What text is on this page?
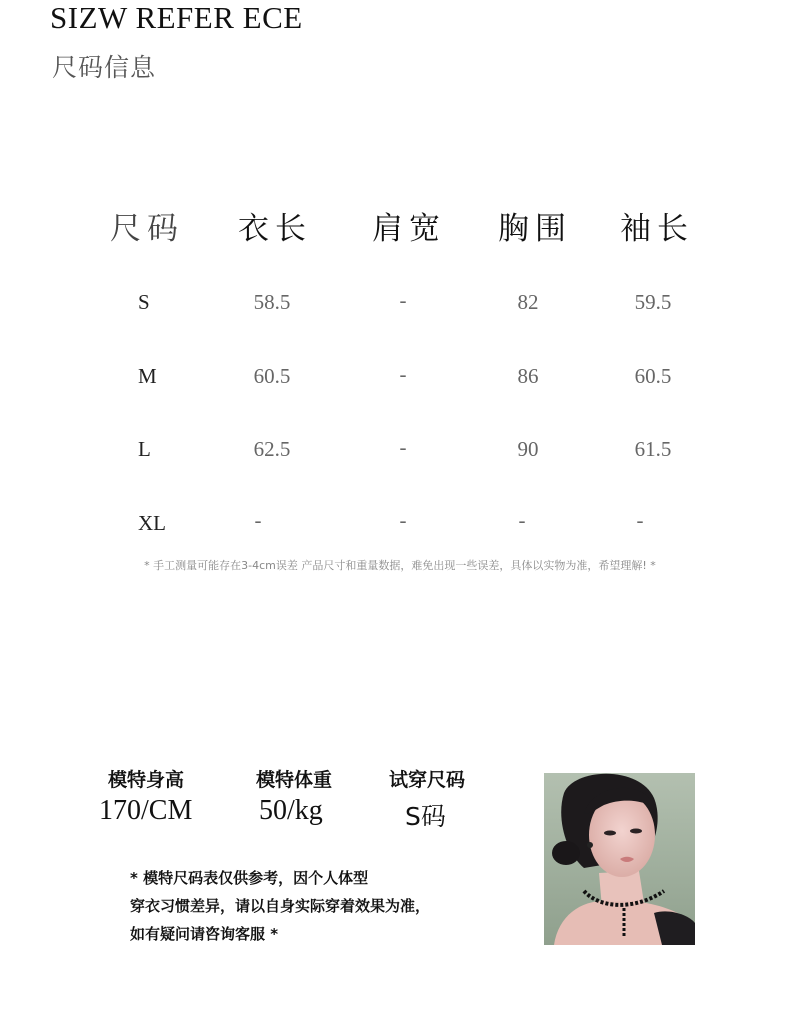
SIZW REFER ECE
尺码信息
尺码 衣长 肩宽 胸围 袖长
S	58.5	-	82	59.5
M	60.5	-	86	60.5
L	62.5	-	90	61.5
XL	-	-	-	-
* 手工测量可能存在3-4cm误差 产品尺寸和重量数据，难免出现一些误差，具体以实物为准，希望理解! *
模特身高
170/CM
模特体重
50/kg
试穿尺码
S码
* 模特尺码表仅供参考，因个人体型
穿衣习惯差异，请以自身实际穿着效果为准，
如有疑问请咨询客服 *
